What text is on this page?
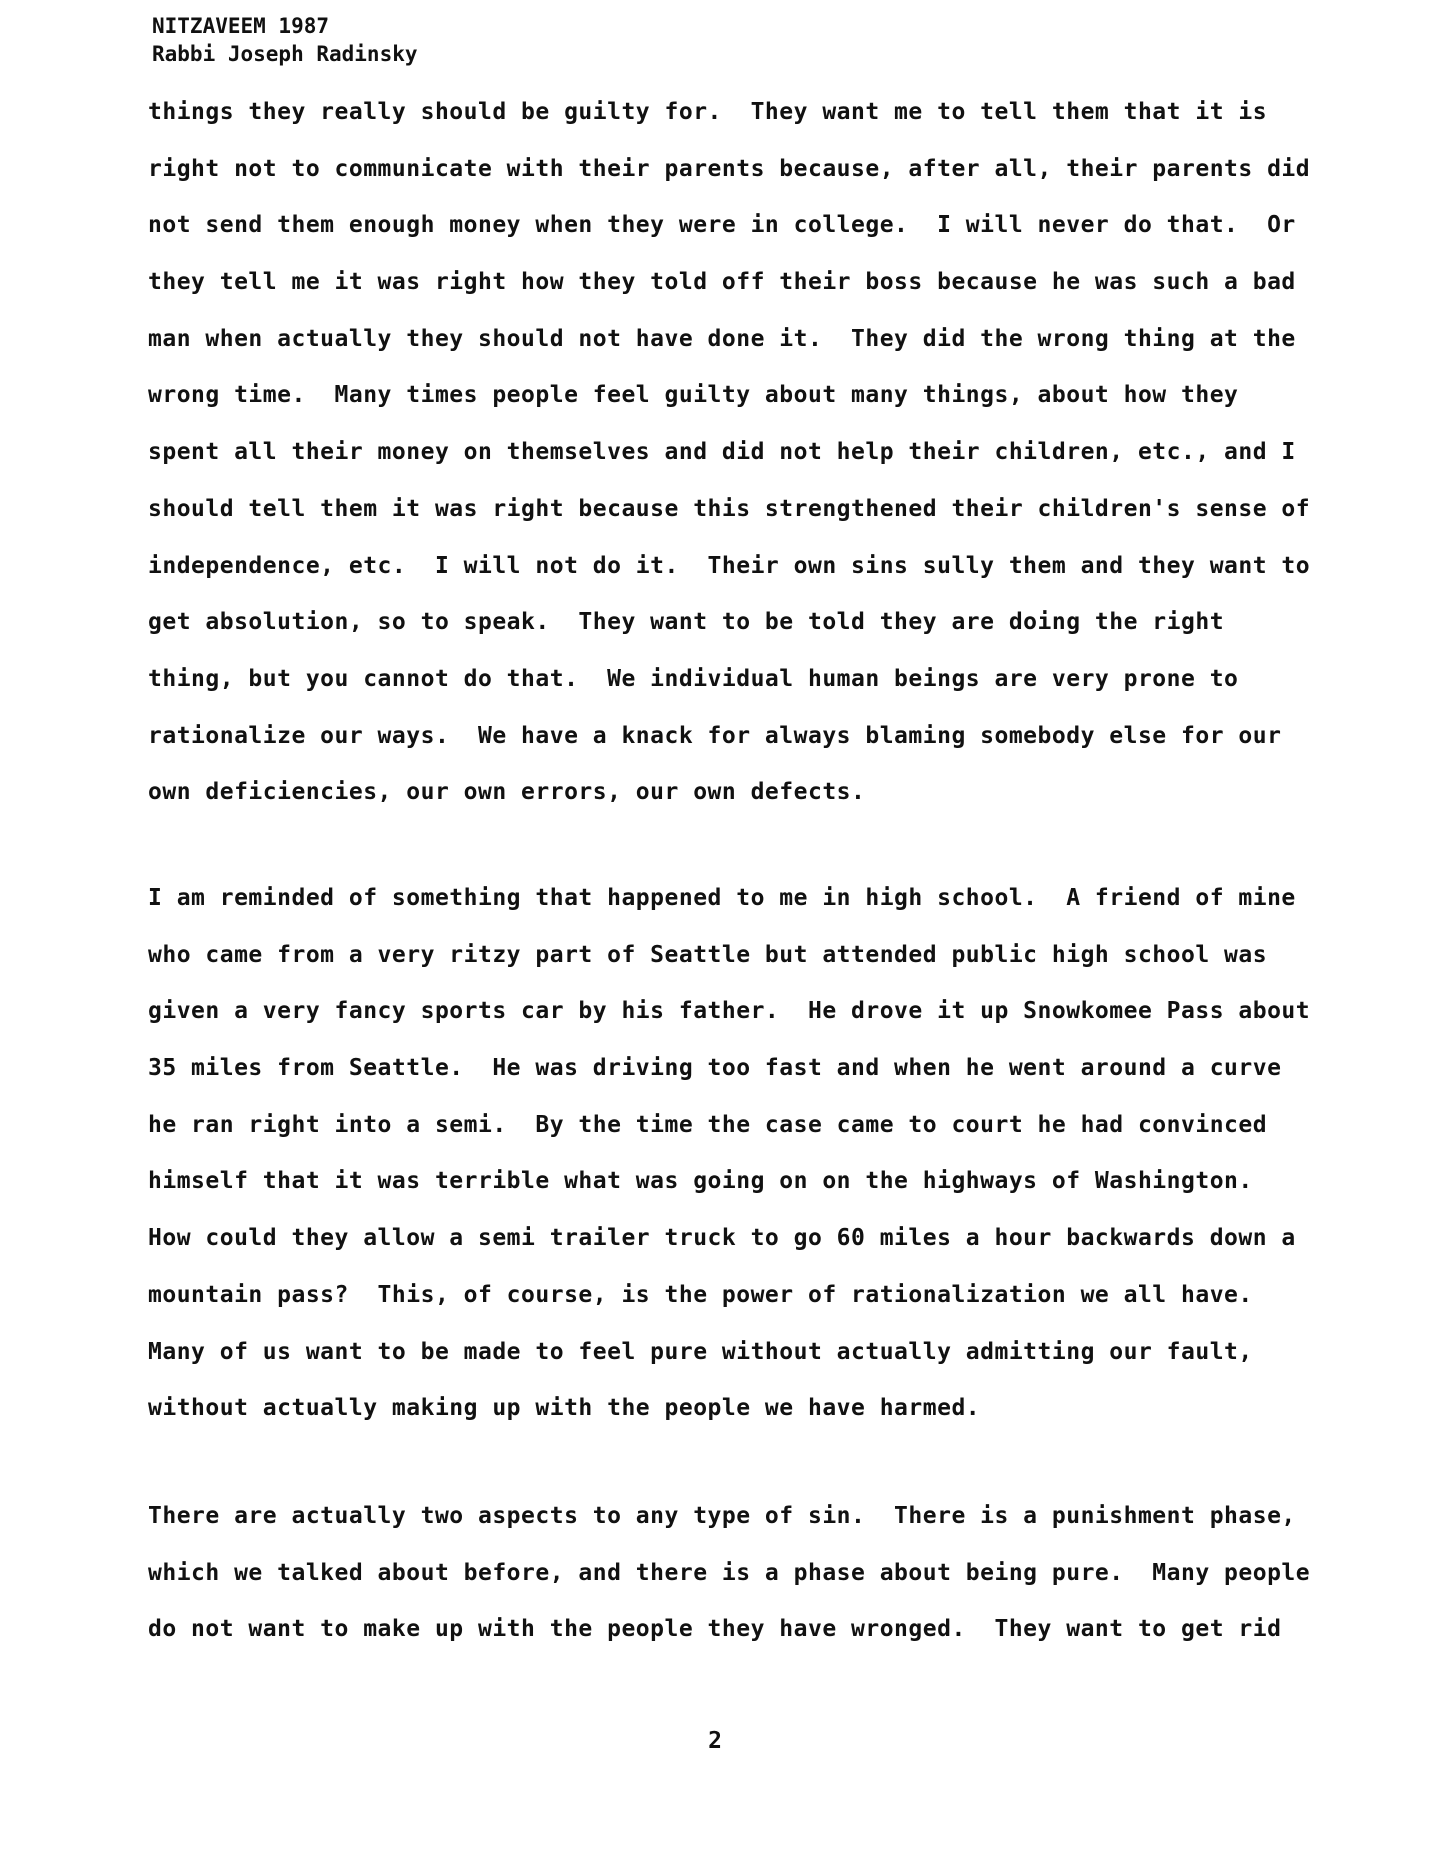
NITZAVEEM 1987
Rabbi Joseph Radinsky
things they really should be guilty for.  They want me to tell them that it is
right not to communicate with their parents because, after all, their parents did
not send them enough money when they were in college.  I will never do that.  Or
they tell me it was right how they told off their boss because he was such a bad
man when actually they should not have done it.  They did the wrong thing at the
wrong time.  Many times people feel guilty about many things, about how they
spent all their money on themselves and did not help their children, etc., and I
should tell them it was right because this strengthened their children's sense of
independence, etc.  I will not do it.  Their own sins sully them and they want to
get absolution, so to speak.  They want to be told they are doing the right
thing, but you cannot do that.  We individual human beings are very prone to
rationalize our ways.  We have a knack for always blaming somebody else for our
own deficiencies, our own errors, our own defects.
I am reminded of something that happened to me in high school.  A friend of mine
who came from a very ritzy part of Seattle but attended public high school was
given a very fancy sports car by his father.  He drove it up Snowkomee Pass about
35 miles from Seattle.  He was driving too fast and when he went around a curve
he ran right into a semi.  By the time the case came to court he had convinced
himself that it was terrible what was going on on the highways of Washington.
How could they allow a semi trailer truck to go 60 miles a hour backwards down a
mountain pass?  This, of course, is the power of rationalization we all have.
Many of us want to be made to feel pure without actually admitting our fault,
without actually making up with the people we have harmed.
There are actually two aspects to any type of sin.  There is a punishment phase,
which we talked about before, and there is a phase about being pure.  Many people
do not want to make up with the people they have wronged.  They want to get rid
2
